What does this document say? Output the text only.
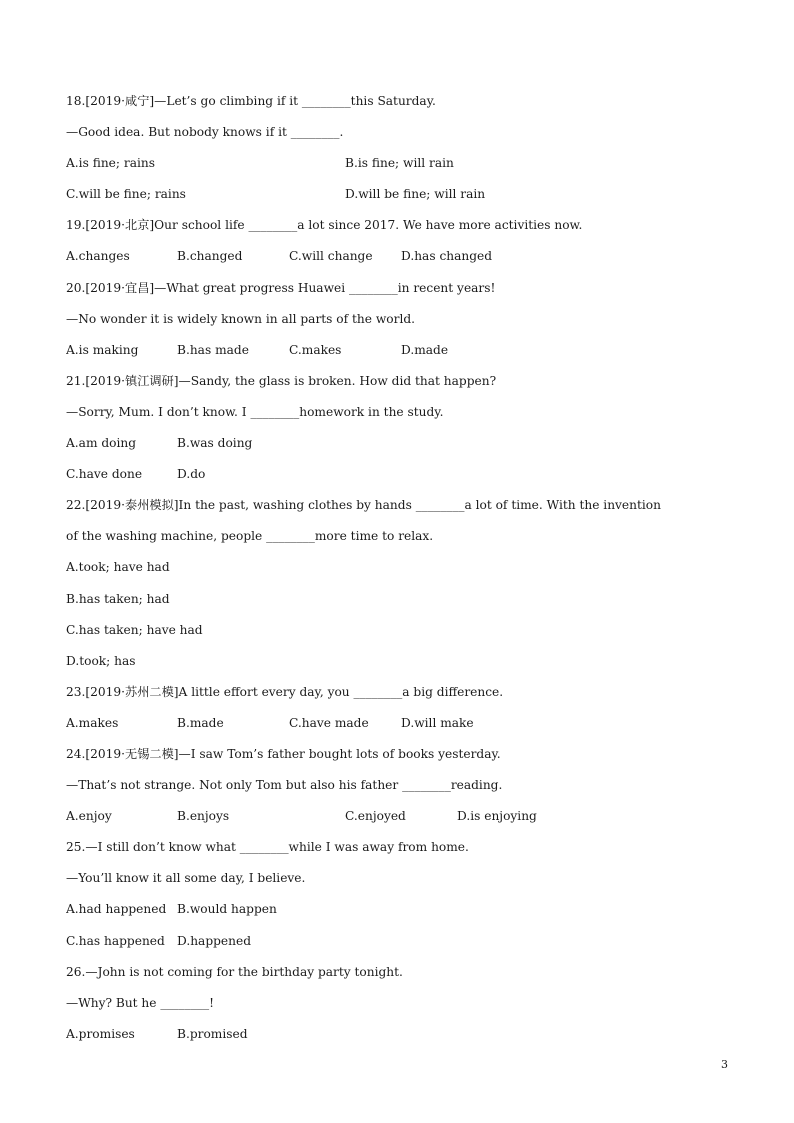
18.[2019·咸宁]—Let’s go climbing if it ________this Saturday.
—Good idea. But nobody knows if it ________.
A.is fine; rains	B.is fine; will rain
C.will be fine; rains	D.will be fine; will rain
19.[2019·北京]Our school life ________a lot since 2017. We have more activities now.
A.changes	B.changed	C.will change D.has changed
20.[2019·宜昌]—What great progress Huawei ________in recent years!
—No wonder it is widely known in all parts of the world.
A.is making	B.has made	C.makes	D.made
21.[2019·镇江调研]—Sandy, the glass is broken. How did that happen?
—Sorry, Mum. I don’t know. I ________homework in the study.
A.am doing	B.was doing
C.have done	D.do
22.[2019·泰州模拟]In the past, washing clothes by hands ________a lot of time. With the invention
of the washing machine, people ________more time to relax.
A.took; have had
B.has taken; had
C.has taken; have had
D.took; has
23.[2019·苏州二模]A little effort every day, you ________a big difference.
A.makes	B.made	C.have made	D.will make
24.[2019·无锡二模]—I saw Tom’s father bought lots of books yesterday.
—That’s not strange. Not only Tom but also his father ________reading.
A.enjoy	B.enjoys	C.enjoyed	D.is enjoying
25.—I still don’t know what ________while I was away from home.
—You’ll know it all some day, I believe.
A.had happened B.would happen
C.has happened D.happened
26.—John is not coming for the birthday party tonight.
—Why? But he ________!
A.promises	B.promised
3
